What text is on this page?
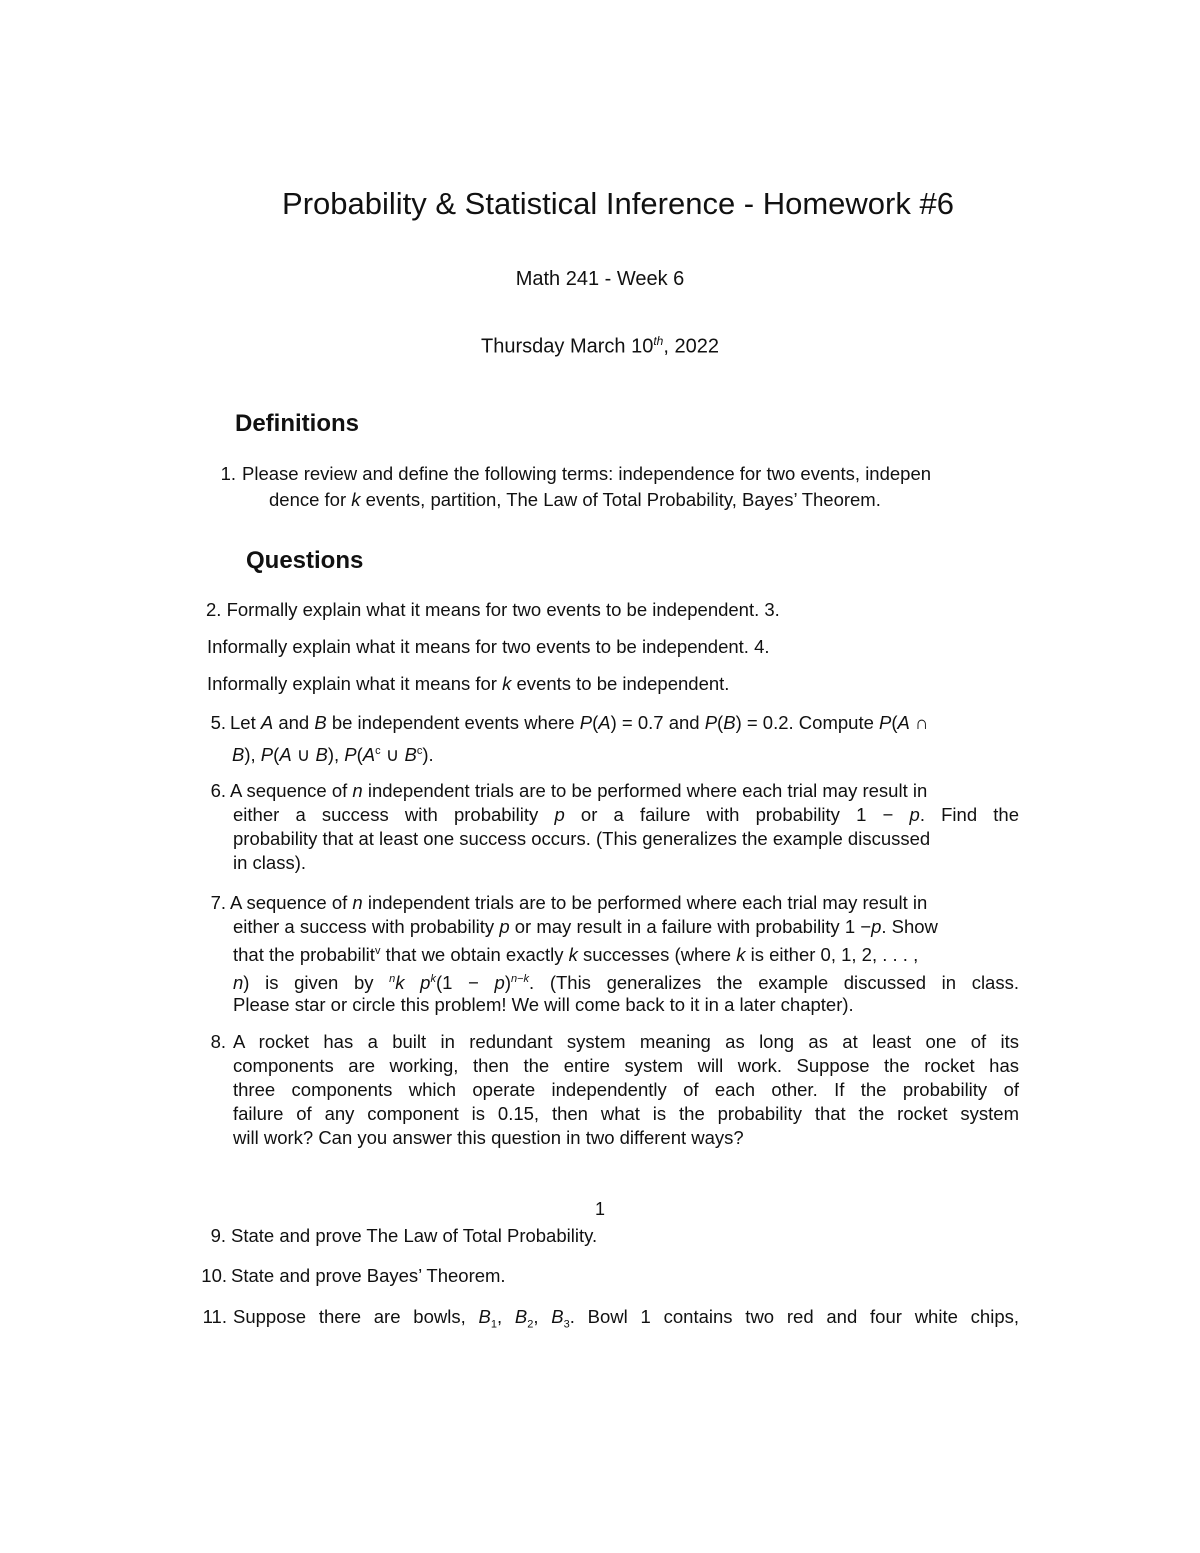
Probability & Statistical Inference - Homework #6
Math 241 - Week 6
Thursday March 10th, 2022
Definitions
1. Please review and define the following terms: independence for two events, indepen
dence for k events, partition, The Law of Total Probability, Bayes’ Theorem.
Questions
2. Formally explain what it means for two events to be independent. 3.
Informally explain what it means for two events to be independent. 4.
Informally explain what it means for k events to be independent.
5. Let A and B be independent events where P(A) = 0.7 and P(B) = 0.2. Compute P(A ∩
B), P(A ∪ B), $P(A^c$ ∪ $B^c$).
6. A sequence of n independent trials are to be performed where each trial may result in
either a success with probability p or a failure with probability 1 − p. Find the
probability that at least one success occurs. (This generalizes the example discussed
in class).
7. A sequence of n independent trials are to be performed where each trial may result in
either a success with probability p or may result in a failure with probability 1 −p. Show
that the probabilit$^v$ that we obtain exactly k successes (where k is either 0, 1, 2, . . . ,
n) is given by $^n$k $p^k(1 - p)^{n-k}$. (This generalizes the example discussed in class.
Please star or circle this problem! We will come back to it in a later chapter).
8. A rocket has a built in redundant system meaning as long as at least one of its
components are working, then the entire system will work. Suppose the rocket has
three components which operate independently of each other. If the probability of
failure of any component is 0.15, then what is the probability that the rocket system
will work? Can you answer this question in two different ways?
1
9. State and prove The Law of Total Probability.
10. State and prove Bayes’ Theorem.
11. Suppose there are bowls, $B_1$, $B_2$, $B_3$. Bowl 1 contains two red and four white chips,
